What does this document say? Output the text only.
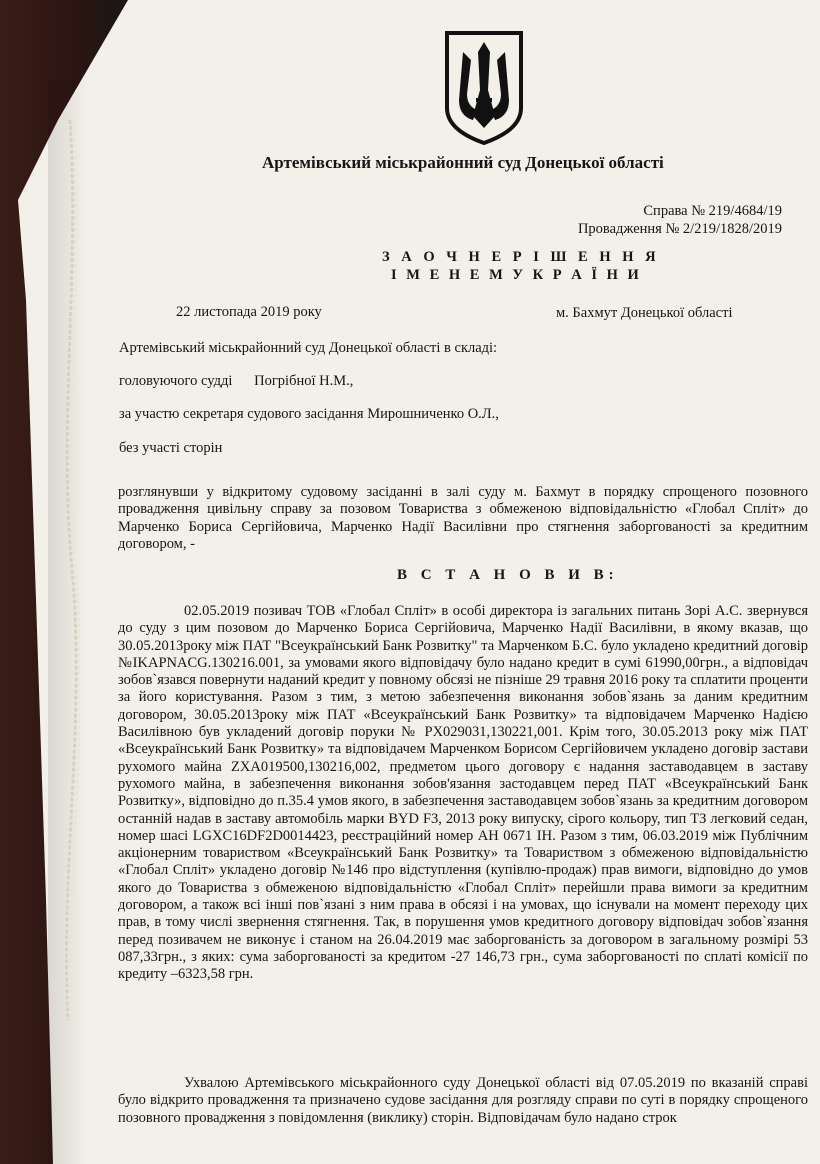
Артемівський міськрайонний суд Донецької області
Справа № 219/4684/19
Провадження № 2/219/1828/2019
З А О Ч Н Е Р І Ш Е Н Н Я
І М Е Н Е М У К Р А Ї Н И
22 листопада 2019 року	м. Бахмут Донецької області
Артемівський міськрайонний суд Донецької області в складі:
головуючого судді      Погрібної Н.М.,
за участю секретаря судового засідання Мирошниченко О.Л.,
без участі сторін
розглянувши у відкритому судовому засіданні в залі суду м. Бахмут в порядку спрощеного позовного провадження цивільну справу за позовом Товариства з обмеженою відповідальністю «Глобал Спліт» до Марченко Бориса Сергійовича, Марченко Надії Василівни про стягнення заборгованості за кредитним договором, -
В С Т А Н О В И В:
02.05.2019 позивач ТОВ «Глобал Спліт» в особі директора із загальних питань Зорі А.С. звернувся до суду з цим позовом до Марченко Бориса Сергійовича, Марченко Надії Василівни, в якому вказав, що 30.05.2013року між ПАТ "Всеукраїнський Банк Розвитку" та Марченком Б.С. було укладено кредитний договір №IKAPNACG.130216.001, за умовами якого відповідачу було надано кредит в сумі 61990,00грн., а відповідач зобов`язався повернути наданий кредит у повному обсязі не пізніше 29 травня 2016 року та сплатити проценти за його користування. Разом з тим, з метою забезпечення виконання зобов`язань за даним кредитним договором, 30.05.2013року між ПАТ «Всеукраїнський Банк Розвитку» та відповідачем Марченко Надією Василівною був укладений договір поруки № PX029031,130221,001. Крім того, 30.05.2013 року між ПАТ «Всеукраїнський Банк Розвитку» та відповідачем Марченком Борисом Сергійовичем укладено договір застави рухомого майна ZXA019500,130216,002, предметом цього договору є надання заставодавцем в заставу рухомого майна, в забезпечення виконання зобов'язання застодавцем перед ПАТ «Всеукраїнський Банк Розвитку», відповідно до п.35.4 умов якого, в забезпечення заставодавцем зобов`язань за кредитним договором останній надав в заставу автомобіль марки BYD F3, 2013 року випуску, сірого кольору, тип ТЗ легковий седан, номер шасі LGXC16DF2D0014423, реєстраційний номер АН 0671 IН. Разом з тим, 06.03.2019 між Публічним акціонерним товариством «Всеукраїнський Банк Розвитку» та Товариством з обмеженою відповідальністю «Глобал Спліт» укладено договір №146 про відступлення (купівлю-продаж) прав вимоги, відповідно до умов якого до Товариства з обмеженою відповідальністю «Глобал Спліт» перейшли права вимоги за кредитним договором, а також всі інші пов`язані з ним права в обсязі і на умовах, що існували на момент переходу цих прав, в тому числі звернення стягнення. Так, в порушення умов кредитного договору відповідач зобов`язання перед позивачем не виконує і станом на 26.04.2019 має заборгованість за договором в загальному розмірі 53 087,33грн., з яких: сума заборгованості за кредитом -27 146,73 грн., сума заборгованості по сплаті комісії по кредиту –6323,58 грн.
Ухвалою Артемівського міськрайонного суду Донецької області від 07.05.2019 по вказаній справі було відкрито провадження та призначено судове засідання для розгляду справи по суті в порядку спрощеного позовного провадження з повідомлення (виклику) сторін. Відповідачам було надано строк
